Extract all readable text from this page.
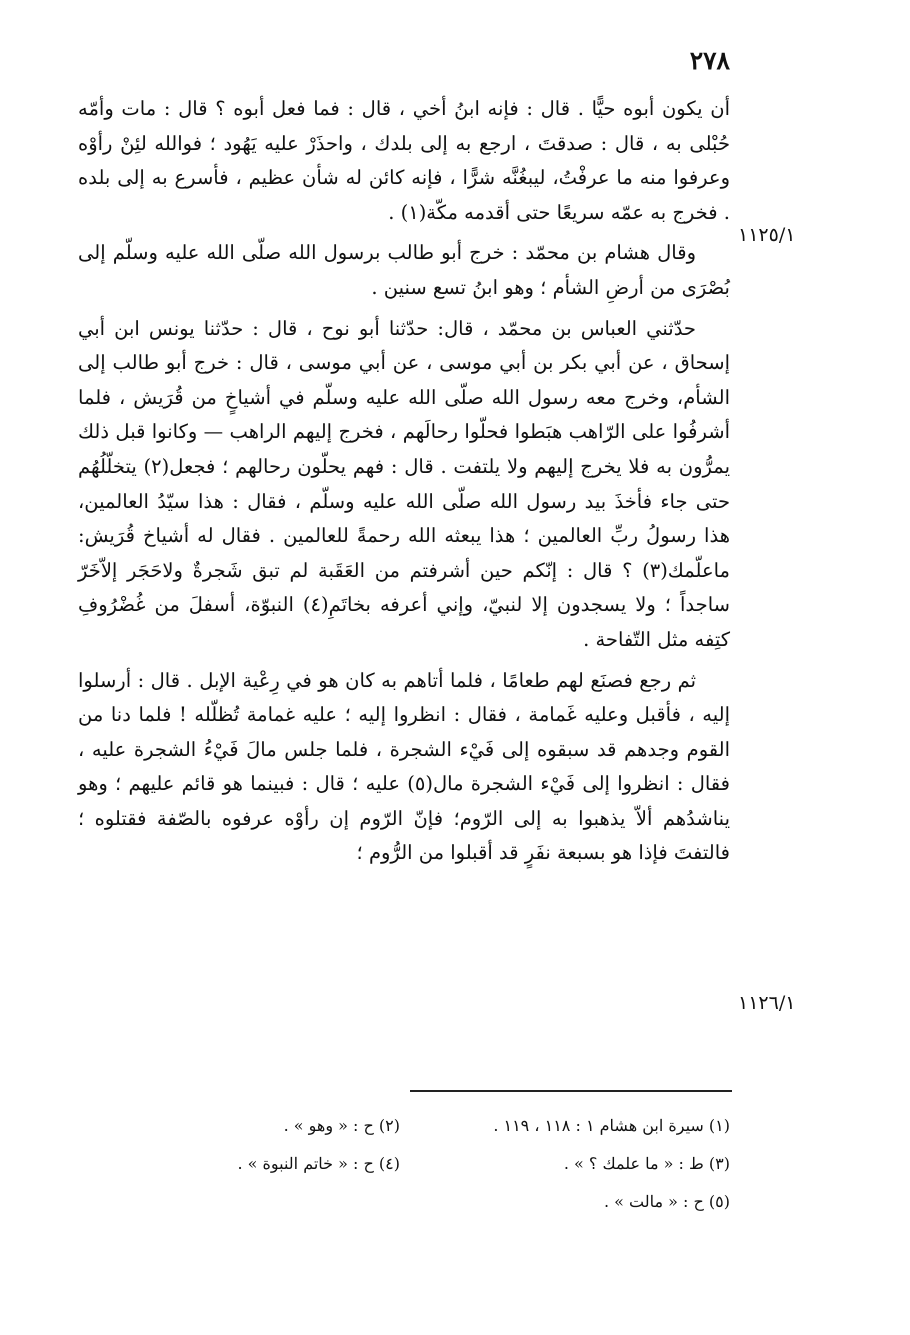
٢٧٨
١١٢٥/١
١١٢٦/١

أن يكون أبوه حيًّا . قال : فإنه ابنُ أخي ، قال : فما فعل أبوه ؟ قال : مات وأمّه حُبْلى به ، قال : صدقتَ ، ارجع به إلى بلدك ، واحذَرْ عليه يَهُود ؛ فوالله لئِنْ رأوْه وعرفوا منه ما عرفْتُ، ليبغُنَّه شرًّا ، فإنه كائن له شأن عظيم ، فأسرع به إلى بلده . فخرج به عمّه سريعًا حتى أقدمه مكّة(١) .

وقال هشام بن محمّد : خرج أبو طالب برسول الله صلّى الله عليه وسلّم إلى بُصْرَى من أرضِ الشأم ؛ وهو ابنُ تسع سنين .

حدّثني العباس بن محمّد ، قال: حدّثنا أبو نوح ، قال : حدّثنا يونس ابن أبي إسحاق ، عن أبي بكر بن أبي موسى ، عن أبي موسى ، قال : خرج أبو طالب إلى الشأم، وخرج معه رسول الله صلّى الله عليه وسلّم في أشياخٍ من قُرَيش ، فلما أشرفُوا على الرّاهب هبَطوا فحلّوا رحالَهم ، فخرج إليهم الراهب — وكانوا قبل ذلك يمرُّون به فلا يخرج إليهم ولا يلتفت . قال : فهم يحلّون رحالهم ؛ فجعل(٢) يتخلّلُهُم حتى جاء فأخذَ بيد رسول الله صلّى الله عليه وسلّم ، فقال : هذا سيّدُ العالمين، هذا رسولُ ربِّ العالمين ؛ هذا يبعثه الله رحمةً للعالمين . فقال له أشياخ قُرَيش: ماعلّمك(٣) ؟ قال : إنّكم حين أشرفتم من العَقَبة لم تبق شَجرةٌ ولاحَجَر إلاّخَرّ ساجداً ؛ ولا يسجدون إلا لنبيّ، وإني أعرفه بخاتَمِ(٤) النبوّة، أسفلَ من غُضْرُوفِ كتِفه مثل التّفاحة .

ثم رجع فصنَع لهم طعامًا ، فلما أتاهم به كان هو في رِعْية الإبل . قال : أرسلوا إليه ، فأقبل وعليه غَمامة ، فقال : انظروا إليه ؛ عليه غمامة تُظلّله ! فلما دنا من القوم وجدهم قد سبقوه إلى فَيْء الشجرة ، فلما جلس مالَ فَيْءُ الشجرة عليه ، فقال : انظروا إلى فَيْء الشجرة مال(٥) عليه ؛ قال : فبينما هو قائم عليهم ؛ وهو يناشدُهم ألاّ يذهبوا به إلى الرّوم؛ فإنّ الرّوم إن رأوْه عرفوه بالصّفة فقتلوه ؛ فالتفتَ فإذا هو بسبعة نفَرٍ قد أقبلوا من الرُّوم ؛

(١) سيرة ابن هشام ١ : ١١٨ ، ١١٩ .
(٢) ح : « وهو » .
(٣) ط : « ما علمك ؟ » .
(٤) ح : « خاتم النبوة » .
(٥) ح : « مالت » .
